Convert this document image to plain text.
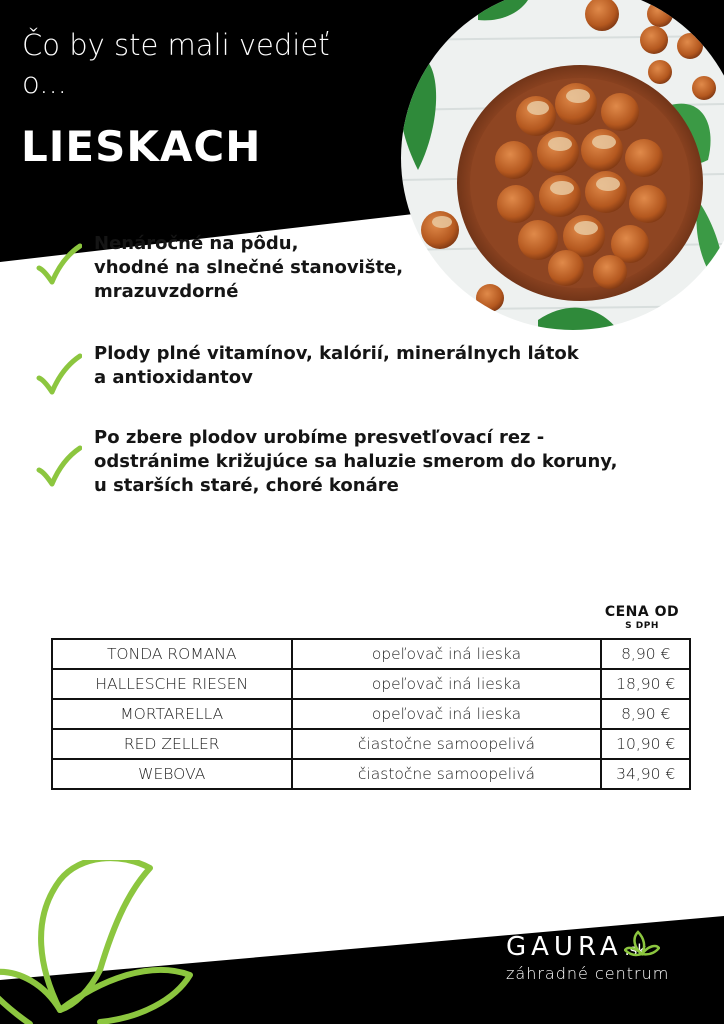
Čo by ste mali vedieť o...
LIESKACH
Nenáročné na pôdu,
vhodné na slnečné stanovište,
mrazuvzdorné
Plody plné vitamínov, kalórií, minerálnych látok
a antioxidantov
Po zbere plodov urobíme presvetľovací rez -
odstránime križujúce sa haluzie smerom do koruny,
u starších staré, choré konáre
CENA OD
S DPH
TONDA ROMANA	opeľovač iná lieska	8,90 €
HALLESCHE RIESEN	opeľovač iná lieska	18,90 €
MORTARELLA	opeľovač iná lieska	8,90 €
RED ZELLER	čiastočne samoopelivá	10,90 €
WEBOVA	čiastočne samoopelivá	34,90 €
GAURA .sk
záhradné centrum
